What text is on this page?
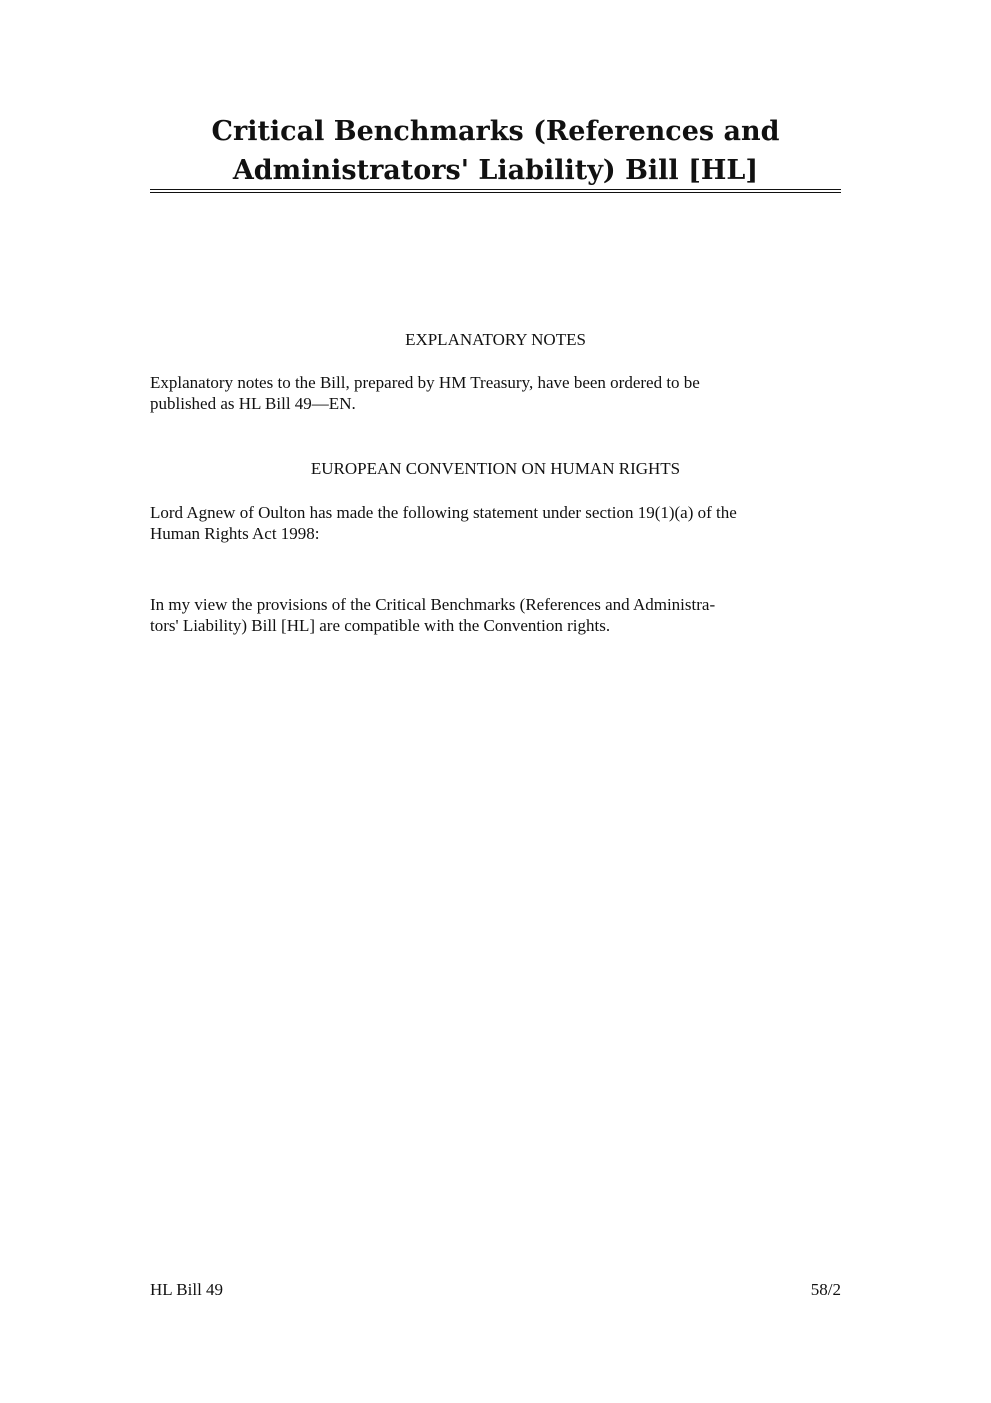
Critical Benchmarks (References and
Administrators' Liability) Bill [HL]
EXPLANATORY NOTES

Explanatory notes to the Bill, prepared by HM Treasury, have been ordered to be
published as HL Bill 49—EN.

EUROPEAN CONVENTION ON HUMAN RIGHTS

Lord Agnew of Oulton has made the following statement under section 19(1)(a) of the
Human Rights Act 1998:

In my view the provisions of the Critical Benchmarks (References and Administra-
tors' Liability) Bill [HL] are compatible with the Convention rights.

HL Bill 49	58/2
